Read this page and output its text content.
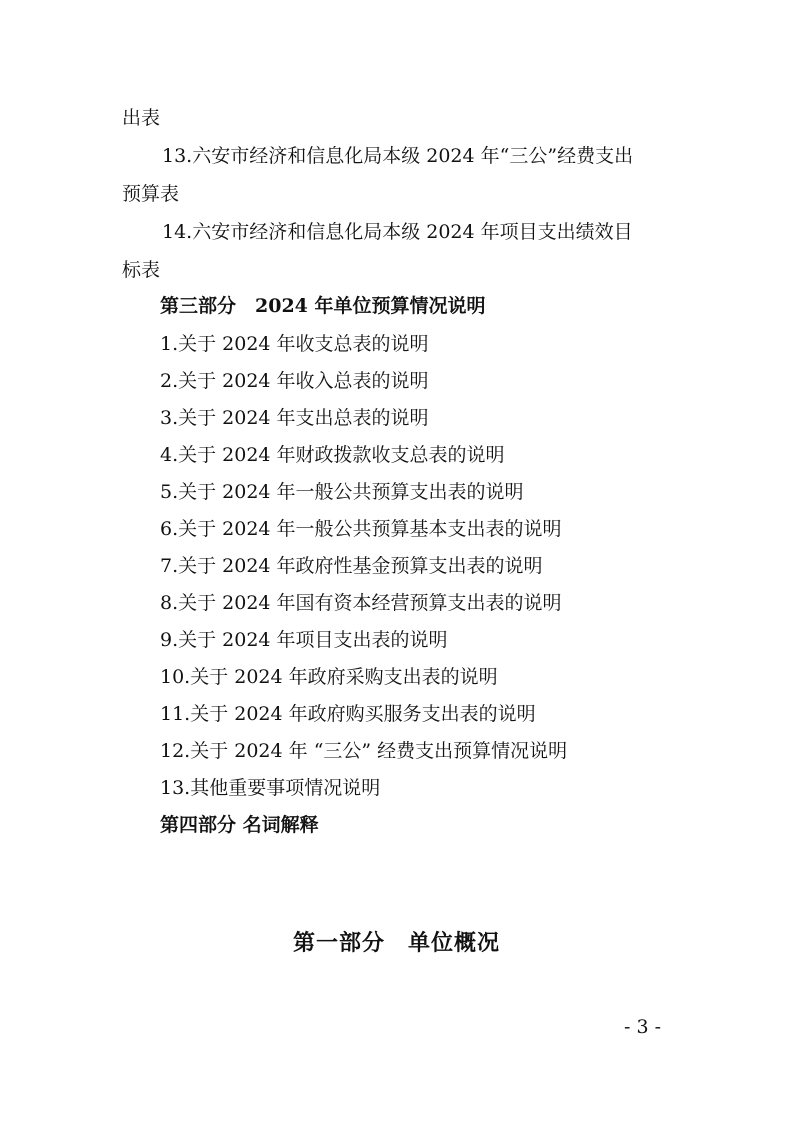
出表
13.六安市经济和信息化局本级 2024 年“三公”经费支出
预算表
14.六安市经济和信息化局本级 2024 年项目支出绩效目
标表
第三部分　2024 年单位预算情况说明
1.关于 2024 年收支总表的说明
2.关于 2024 年收入总表的说明
3.关于 2024 年支出总表的说明
4.关于 2024 年财政拨款收支总表的说明
5.关于 2024 年一般公共预算支出表的说明
6.关于 2024 年一般公共预算基本支出表的说明
7.关于 2024 年政府性基金预算支出表的说明
8.关于 2024 年国有资本经营预算支出表的说明
9.关于 2024 年项目支出表的说明
10.关于 2024 年政府采购支出表的说明
11.关于 2024 年政府购买服务支出表的说明
12.关于 2024 年 “三公” 经费支出预算情况说明
13.其他重要事项情况说明
第四部分 名词解释
第一部分　单位概况
- 3 -
